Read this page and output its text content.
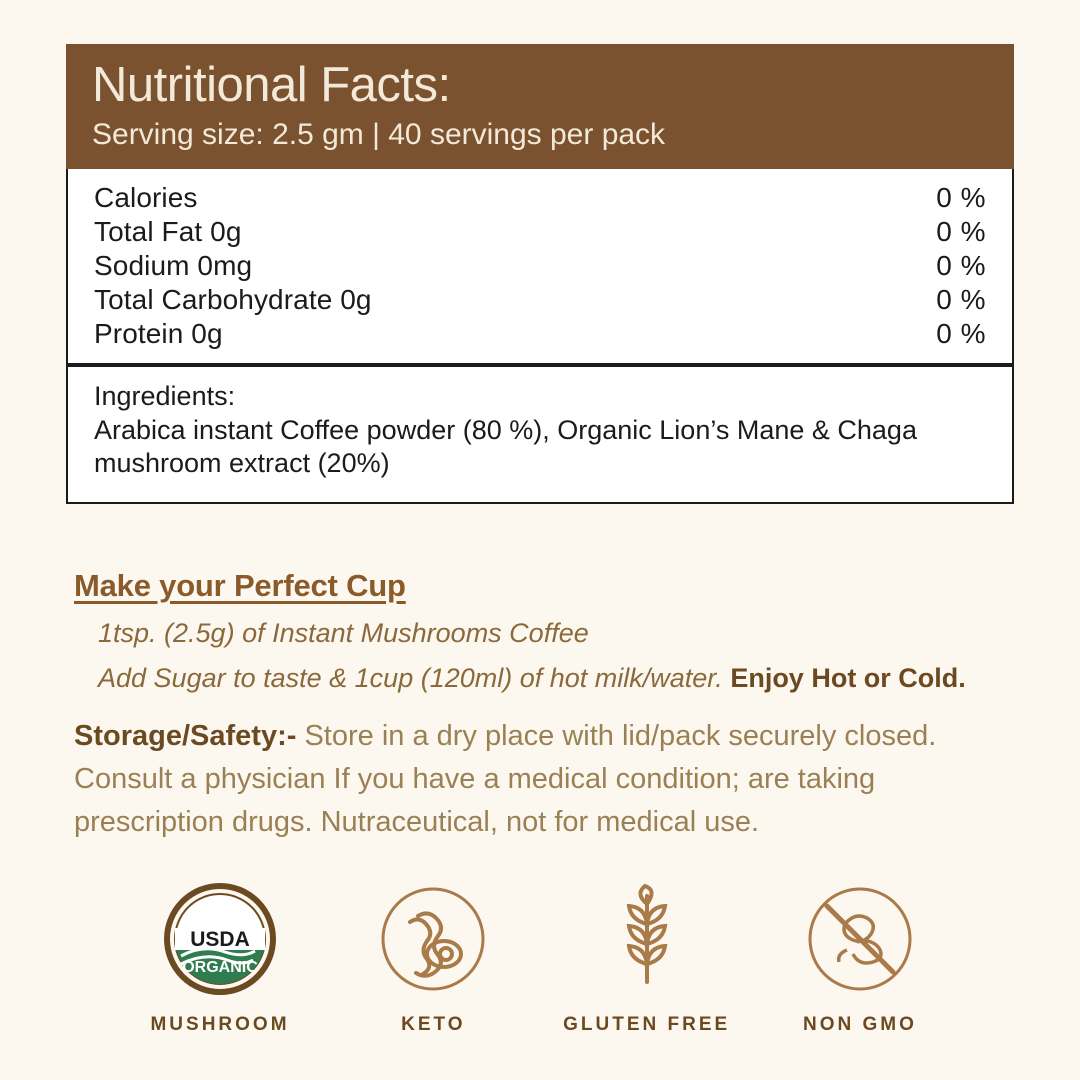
Nutritional Facts:
Serving size: 2.5 gm | 40 servings per pack
Calories	0 %
Total Fat 0g	0 %
Sodium 0mg	0 %
Total Carbohydrate 0g	0 %
Protein 0g	0 %
Ingredients:
Arabica instant Coffee powder (80 %), Organic Lion’s Mane & Chaga mushroom extract (20%)
Make your Perfect Cup
1tsp. (2.5g) of Instant Mushrooms Coffee
Add Sugar to taste & 1cup (120ml) of hot milk/water. Enjoy Hot or Cold.
Storage/Safety:- Store in a dry place with lid/pack securely closed. Consult a physician If you have a medical condition; are taking prescription drugs. Nutraceutical, not for medical use.
USDA
ORGANIC
MUSHROOM	KETO	GLUTEN FREE	NON GMO
